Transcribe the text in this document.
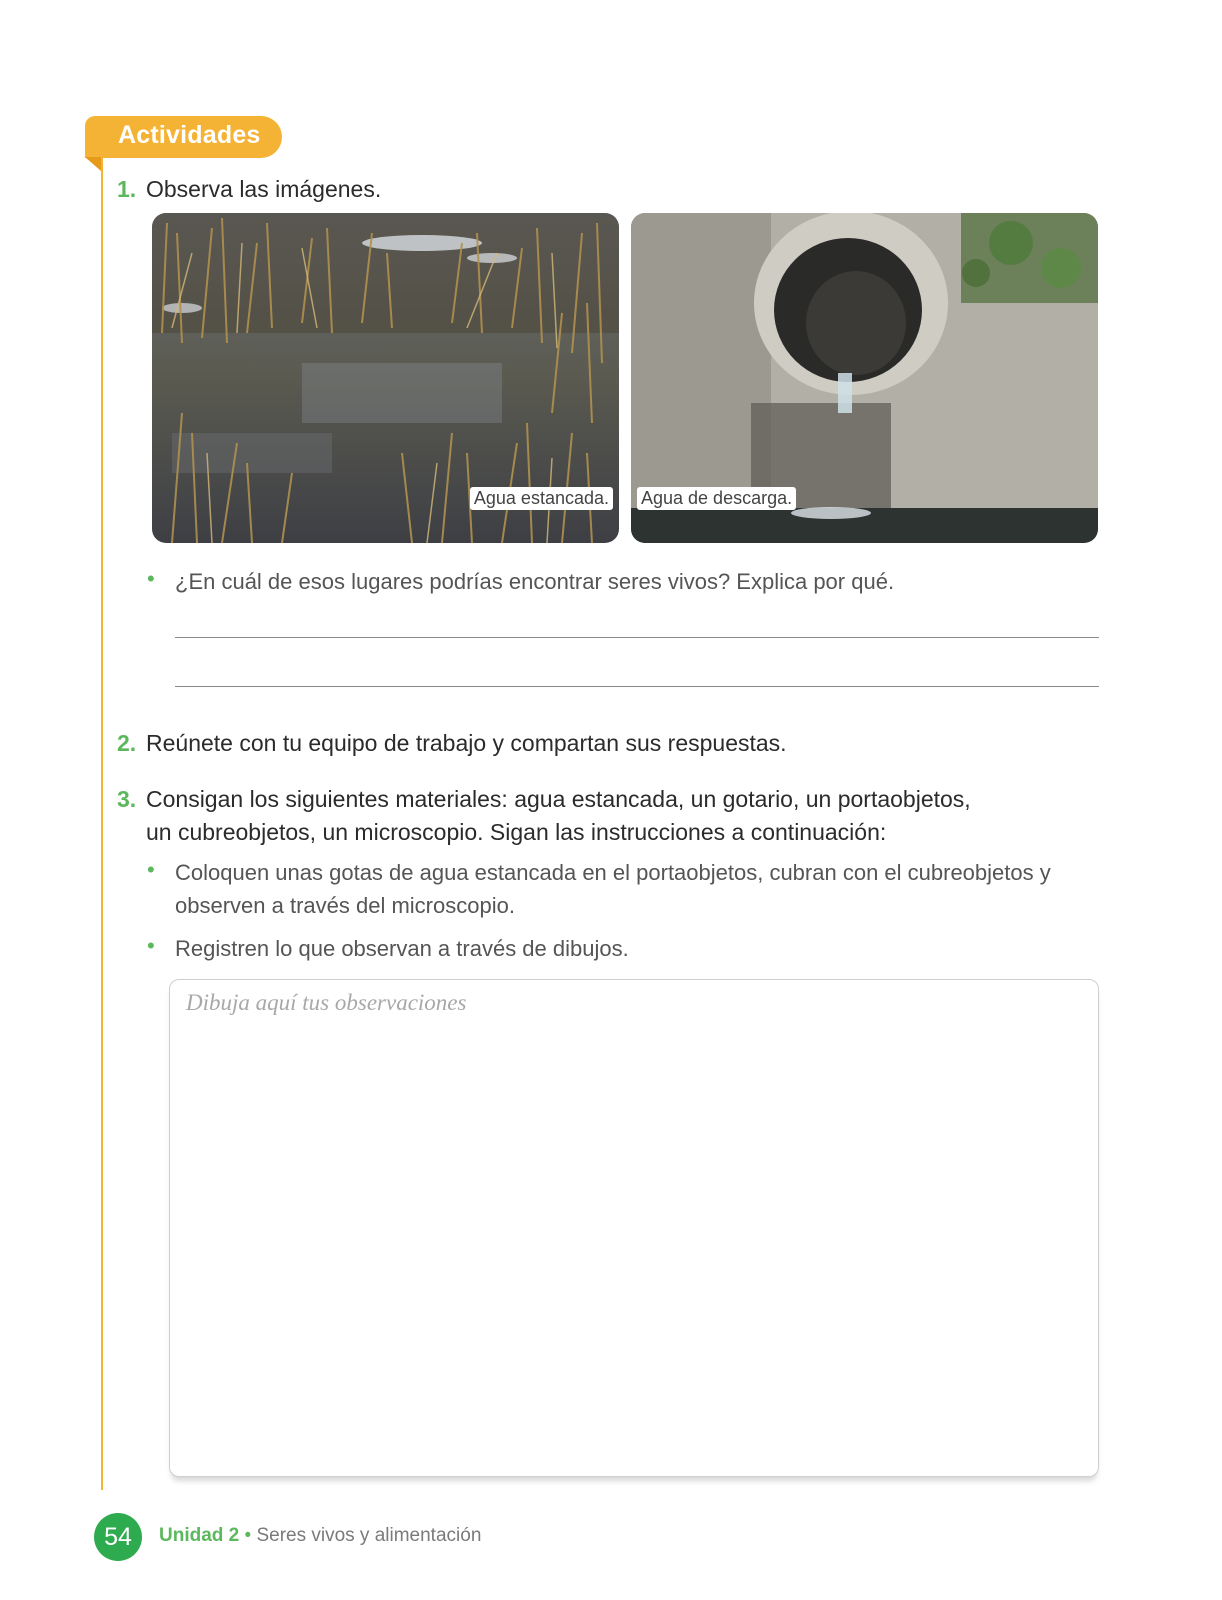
Actividades
1. Observa las imágenes.
Agua estancada. Agua de descarga.
• ¿En cuál de esos lugares podrías encontrar seres vivos? Explica por qué.
2. Reúnete con tu equipo de trabajo y compartan sus respuestas.
3. Consigan los siguientes materiales: agua estancada, un gotario, un portaobjetos,
un cubreobjetos, un microscopio. Sigan las instrucciones a continuación:
• Coloquen unas gotas de agua estancada en el portaobjetos, cubran con el cubreobjetos y
observen a través del microscopio.
• Registren lo que observan a través de dibujos.
Dibuja aquí tus observaciones
54	Unidad 2 • Seres vivos y alimentación
